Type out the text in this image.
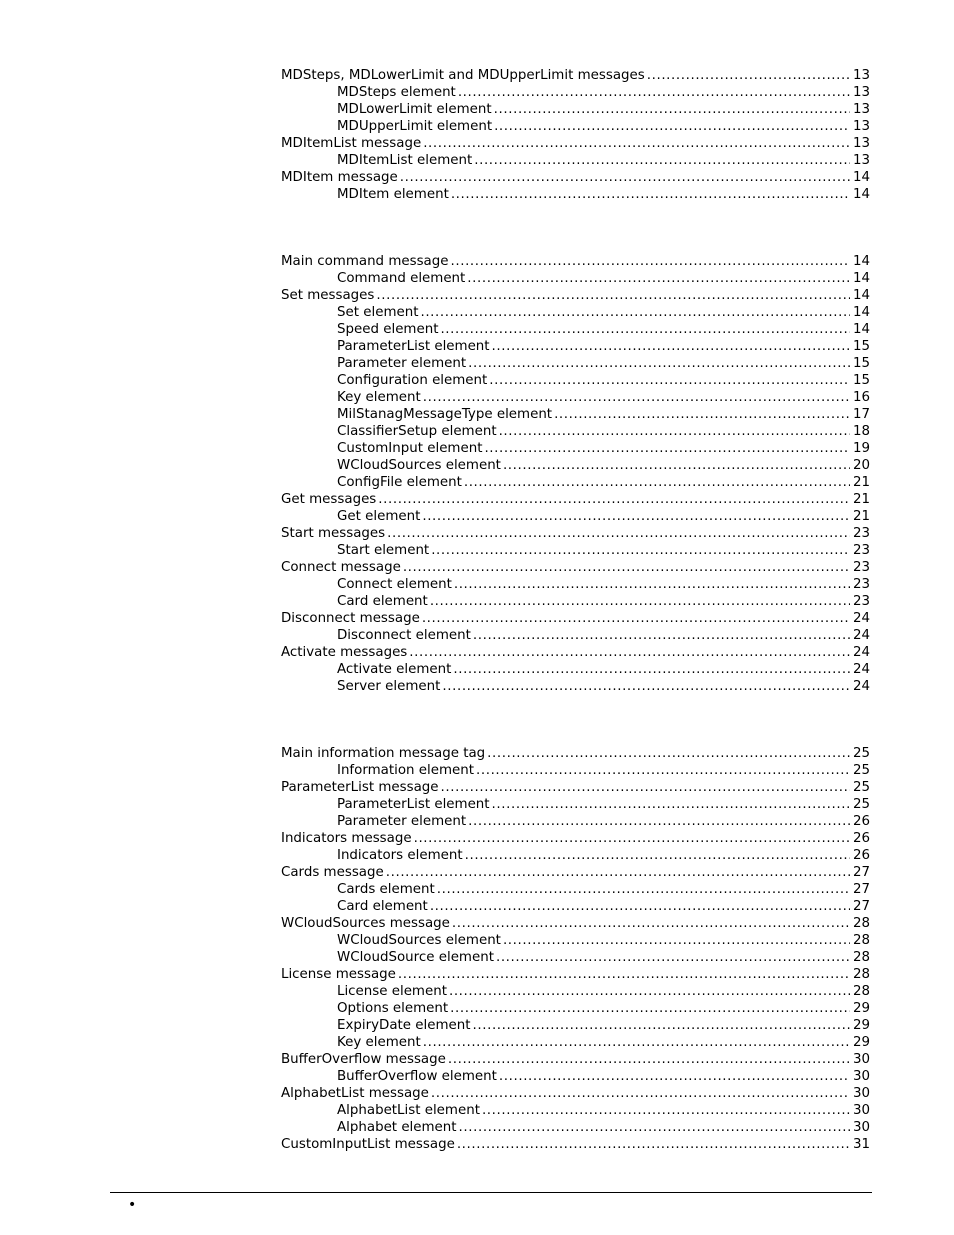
MDSteps, MDLowerLimit and MDUpperLimit messages .....	13
MDSteps element .....	13
MDLowerLimit element .....	13
MDUpperLimit element .....	13
MDItemList message .....	13
MDItemList element .....	13
MDItem message .....	14
MDItem element .....	14
Main command message .....	14
Command element .....	14
Set messages .....	14
Set element .....	14
Speed element .....	14
ParameterList element .....	15
Parameter element .....	15
Configuration element .....	15
Key element .....	16
MilStanagMessageType element .....	17
ClassifierSetup element .....	18
CustomInput element .....	19
WCloudSources element .....	20
ConfigFile element .....	21
Get messages .....	21
Get element .....	21
Start messages .....	23
Start element .....	23
Connect message .....	23
Connect element .....	23
Card element .....	23
Disconnect message .....	24
Disconnect element .....	24
Activate messages .....	24
Activate element .....	24
Server element .....	24
Main information message tag .....	25
Information element .....	25
ParameterList message .....	25
ParameterList element .....	25
Parameter element .....	26
Indicators message .....	26
Indicators element .....	26
Cards message .....	27
Cards element .....	27
Card element .....	27
WCloudSources message .....	28
WCloudSources element .....	28
WCloudSource element .....	28
License message .....	28
License element .....	28
Options element .....	29
ExpiryDate element .....	29
Key element .....	29
BufferOverflow message .....	30
BufferOverflow element .....	30
AlphabetList message .....	30
AlphabetList element .....	30
Alphabet element .....	30
CustomInputList message .....	31
•
